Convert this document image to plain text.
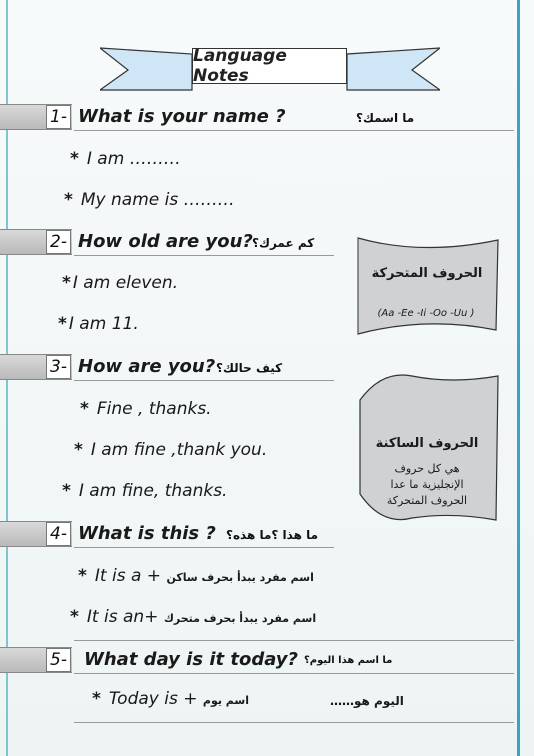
Language Notes
1- What is your name ?	ما اسمك؟
* I am ………
* My name is ………
2- How old are you? كم عمرك؟
* I am eleven.
* I am 11.
الحروف المتحركة
(Aa -Ee -Ii -Oo -Uu )
3- How are you? كيف حالك؟
* Fine , thanks.
* I am fine ,thank you.
* I am fine, thanks.
الحروف الساكنة
هي كل حروف
الإنجليزية ما عدا
الحروف المتحركة
4- What is this ? ما هذا ؟ما هذه؟
* It is a + اسم مفرد يبدأ بحرف ساكن
* It is an+ اسم مفرد يبدأ بحرف متحرك
5- What day is it today? ما اسم هذا اليوم؟
* Today is + اسم يوم	اليوم هو……
